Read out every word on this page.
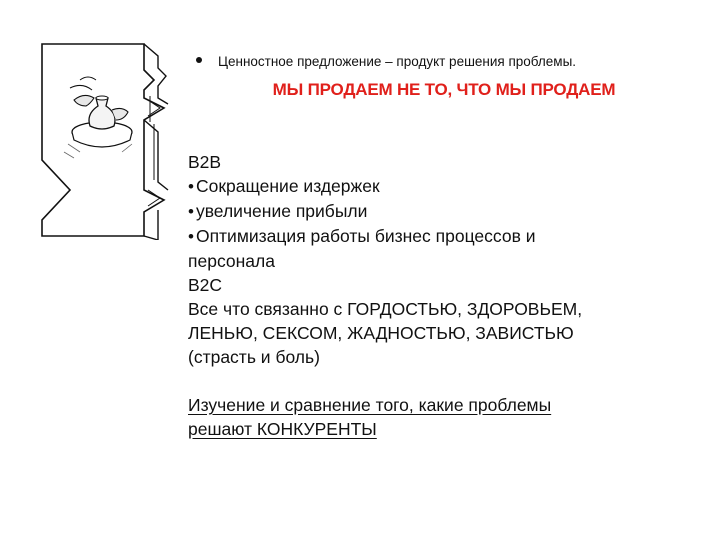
Ценностное предложение – продукт решения проблемы.
МЫ ПРОДАЕМ НЕ ТО, ЧТО МЫ ПРОДАЕМ
B2B
• Сокращение издержек
• увеличение прибыли
• Оптимизация работы бизнес процессов и
персонала
B2C
Все что связанно с ГОРДОСТЬЮ, ЗДОРОВЬЕМ,
ЛЕНЬЮ, СЕКСОМ, ЖАДНОСТЬЮ, ЗАВИСТЬЮ
(страсть и боль)
Изучение и сравнение того, какие проблемы
решают КОНКУРЕНТЫ
